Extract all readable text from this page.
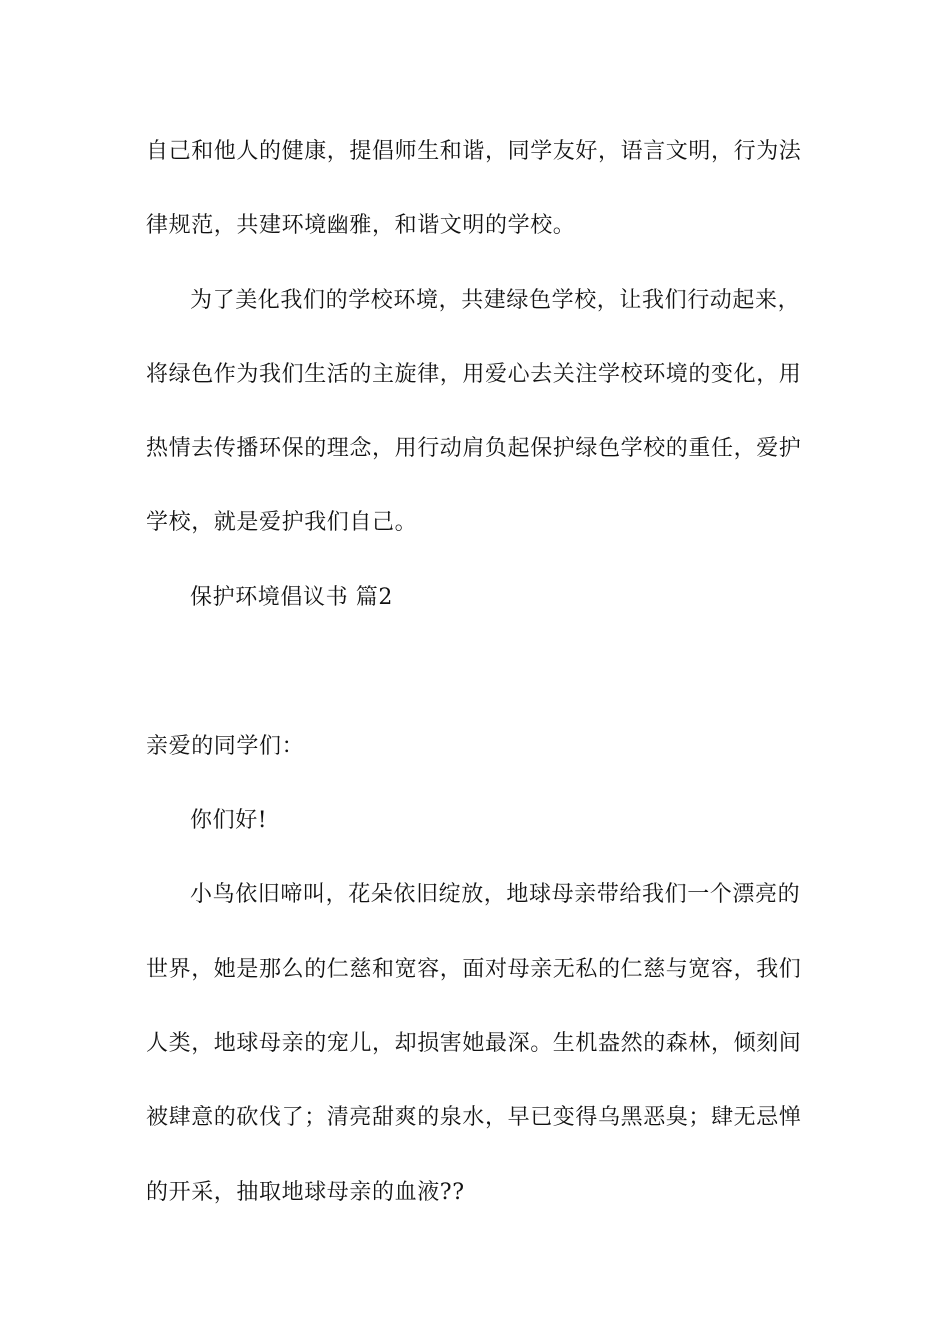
自己和他人的健康，提倡师生和谐，同学友好，语言文明，行为法
律规范，共建环境幽雅，和谐文明的学校。
为了美化我们的学校环境，共建绿色学校，让我们行动起来，
将绿色作为我们生活的主旋律，用爱心去关注学校环境的变化，用
热情去传播环保的理念，用行动肩负起保护绿色学校的重任，爱护
学校，就是爱护我们自己。
保护环境倡议书 篇2
亲爱的同学们：
你们好!
小鸟依旧啼叫，花朵依旧绽放，地球母亲带给我们一个漂亮的
世界，她是那么的仁慈和宽容，面对母亲无私的仁慈与宽容，我们
人类，地球母亲的宠儿，却损害她最深。生机盎然的森林，倾刻间
被肆意的砍伐了；清亮甜爽的泉水，早已变得乌黑恶臭；肆无忌惮
的开采，抽取地球母亲的血液??
